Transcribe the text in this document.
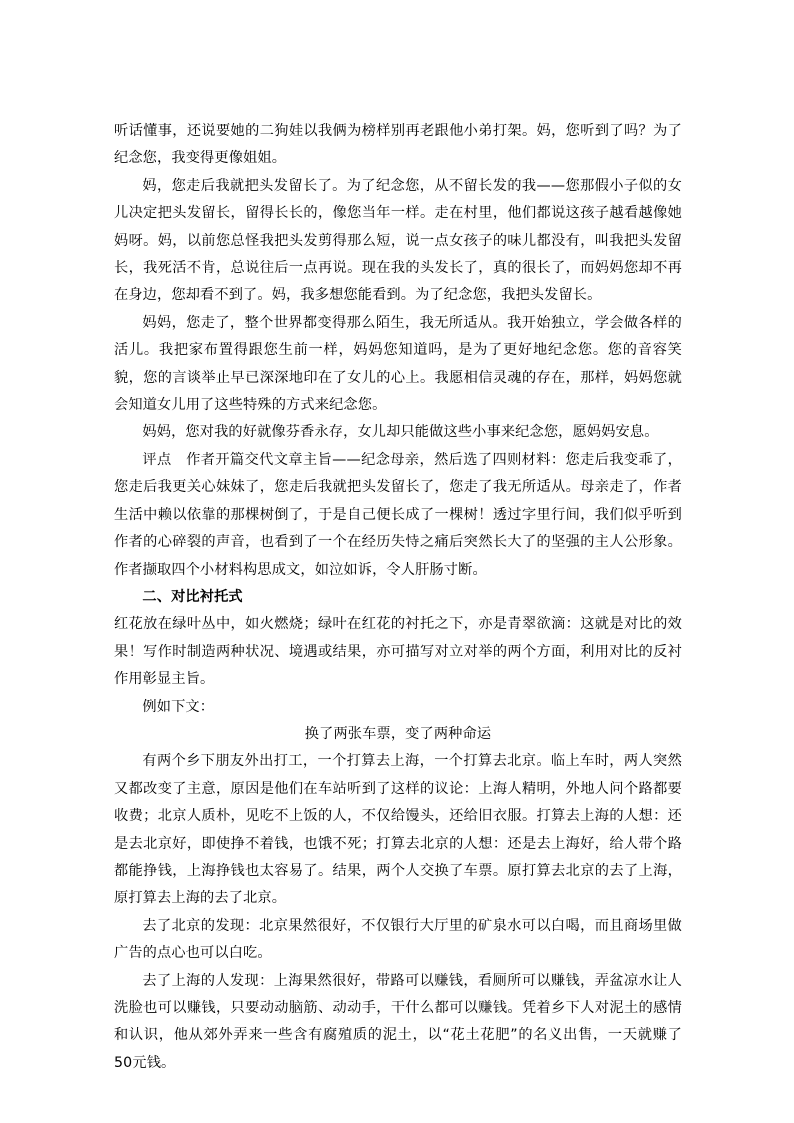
听话懂事，还说要她的二狗娃以我俩为榜样别再老跟他小弟打架。妈，您听到了吗？为了纪念您，我变得更像姐姐。

妈，您走后我就把头发留长了。为了纪念您，从不留长发的我——您那假小子似的女儿决定把头发留长，留得长长的，像您当年一样。走在村里，他们都说这孩子越看越像她妈呀。妈，以前您总怪我把头发剪得那么短，说一点女孩子的味儿都没有，叫我把头发留长，我死活不肯，总说往后一点再说。现在我的头发长了，真的很长了，而妈妈您却不再在身边，您却看不到了。妈，我多想您能看到。为了纪念您，我把头发留长。

妈妈，您走了，整个世界都变得那么陌生，我无所适从。我开始独立，学会做各样的活儿。我把家布置得跟您生前一样，妈妈您知道吗，是为了更好地纪念您。您的音容笑貌，您的言谈举止早已深深地印在了女儿的心上。我愿相信灵魂的存在，那样，妈妈您就会知道女儿用了这些特殊的方式来纪念您。

妈妈，您对我的好就像芬香永存，女儿却只能做这些小事来纪念您，愿妈妈安息。

评点　作者开篇交代文章主旨——纪念母亲，然后选了四则材料：您走后我变乖了，您走后我更关心妹妹了，您走后我就把头发留长了，您走了我无所适从。母亲走了，作者生活中赖以依靠的那棵树倒了，于是自己便长成了一棵树！透过字里行间，我们似乎听到作者的心碎裂的声音，也看到了一个在经历失恃之痛后突然长大了的坚强的主人公形象。作者撷取四个小材料构思成文，如泣如诉，令人肝肠寸断。

二、对比衬托式

红花放在绿叶丛中，如火燃烧；绿叶在红花的衬托之下，亦是青翠欲滴：这就是对比的效果！写作时制造两种状况、境遇或结果，亦可描写对立对举的两个方面，利用对比的反衬作用彰显主旨。

例如下文：

换了两张车票，变了两种命运

有两个乡下朋友外出打工，一个打算去上海，一个打算去北京。临上车时，两人突然又都改变了主意，原因是他们在车站听到了这样的议论：上海人精明，外地人问个路都要收费；北京人质朴，见吃不上饭的人，不仅给馒头，还给旧衣服。打算去上海的人想：还是去北京好，即使挣不着钱，也饿不死；打算去北京的人想：还是去上海好，给人带个路都能挣钱，上海挣钱也太容易了。结果，两个人交换了车票。原打算去北京的去了上海，原打算去上海的去了北京。

去了北京的发现：北京果然很好，不仅银行大厅里的矿泉水可以白喝，而且商场里做广告的点心也可以白吃。

去了上海的人发现：上海果然很好，带路可以赚钱，看厕所可以赚钱，弄盆凉水让人洗脸也可以赚钱，只要动动脑筋、动动手，干什么都可以赚钱。凭着乡下人对泥土的感情和认识，他从郊外弄来一些含有腐殖质的泥土，以“花土花肥”的名义出售，一天就赚了 50元钱。
